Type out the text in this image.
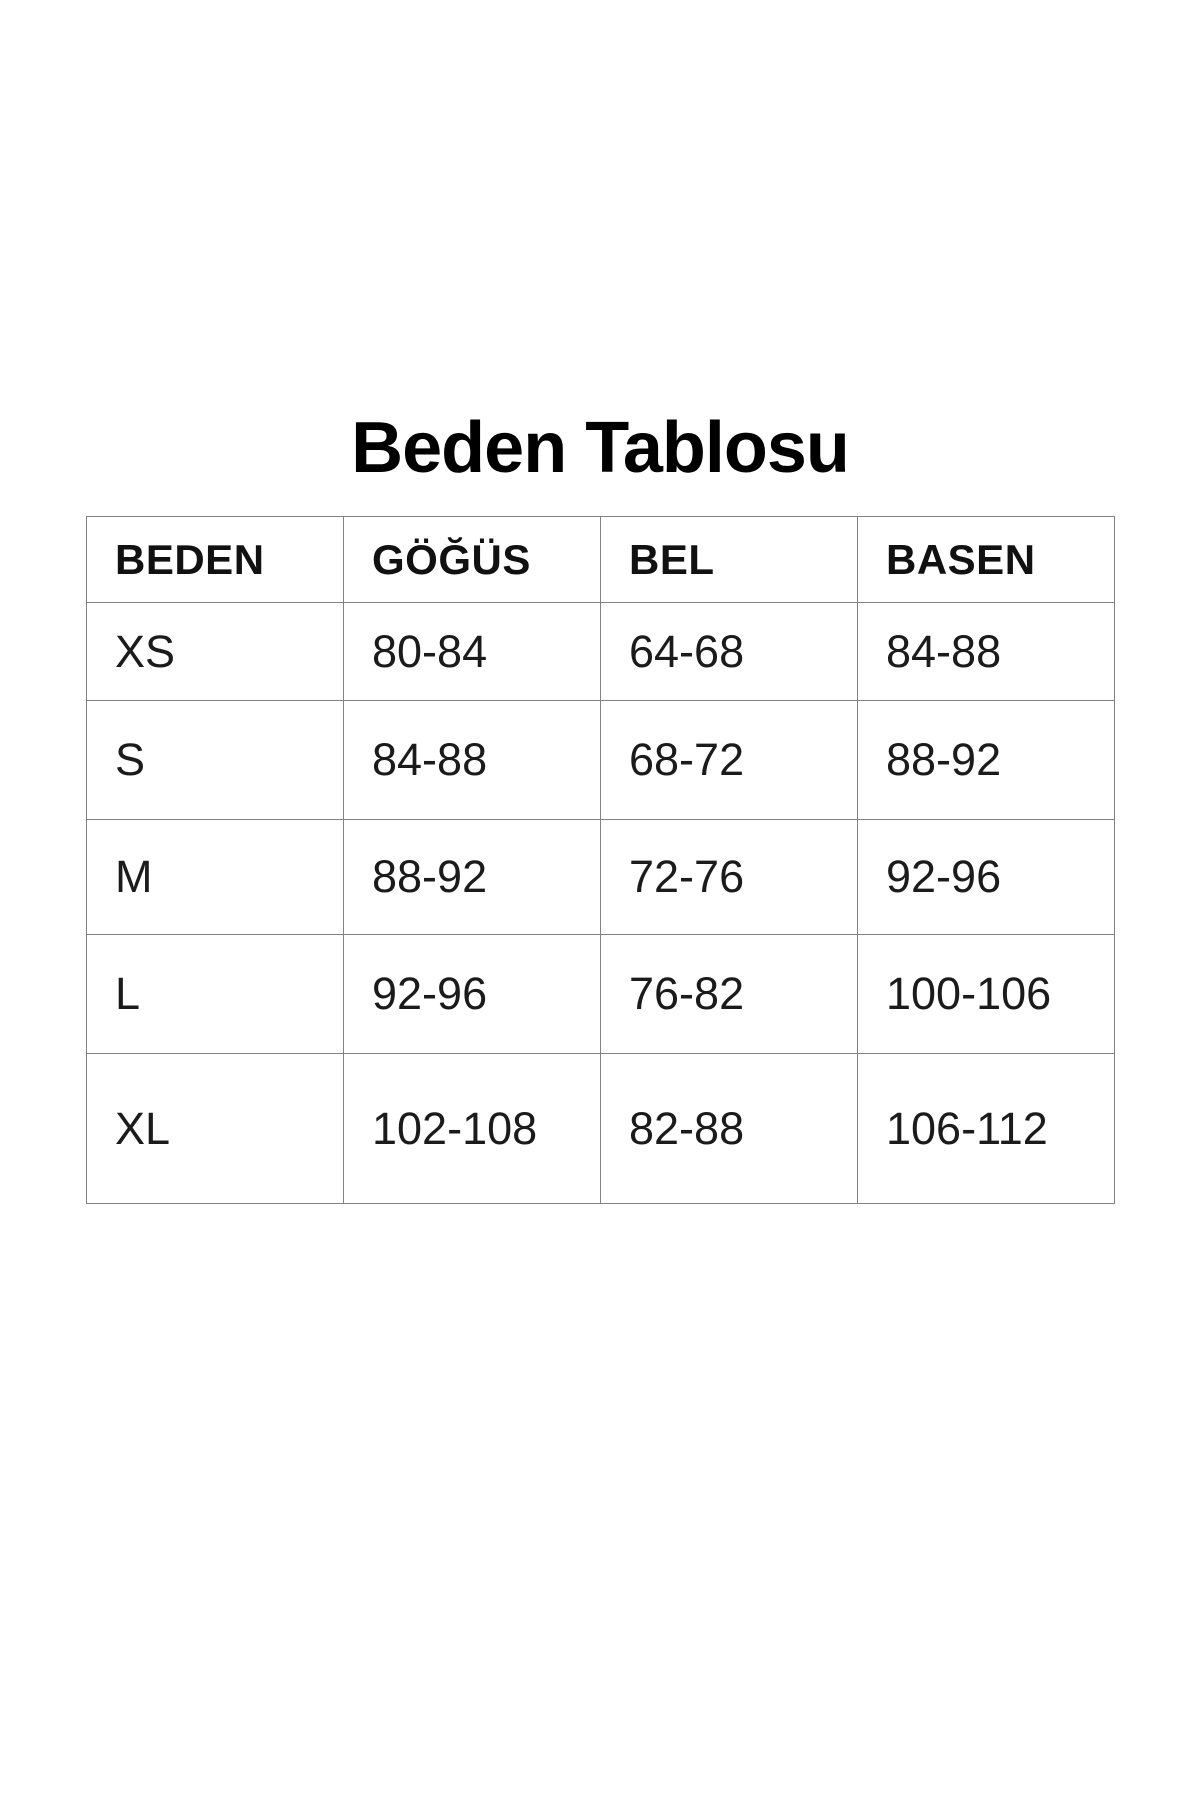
Beden Tablosu
BEDEN	GÖĞÜS	BEL	BASEN
XS	80-84	64-68	84-88
S	84-88	68-72	88-92
M	88-92	72-76	92-96
L	92-96	76-82	100-106
XL	102-108	82-88	106-112
